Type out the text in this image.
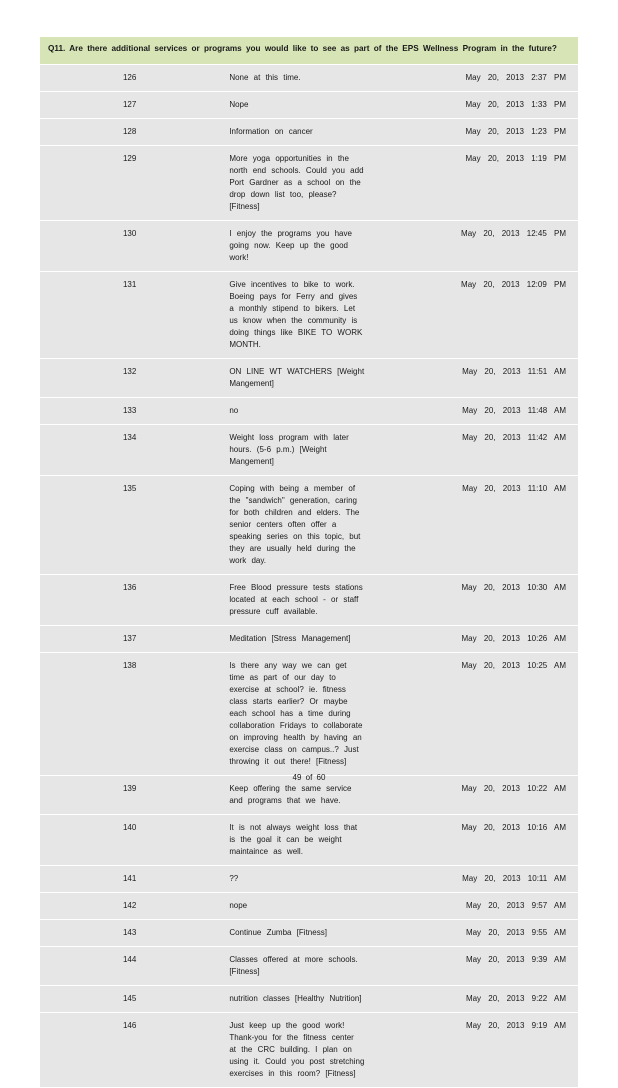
Q11. Are there additional services or programs you would like to see as part of the EPS Wellness Program in the future?		
126	None at this time.	May 20, 2013 2:37 PM
127	Nope	May 20, 2013 1:33 PM
128	Information on cancer	May 20, 2013 1:23 PM
129	More yoga opportunities in the north end schools. Could you add Port Gardner as a school on the drop down list too, please? [Fitness]	May 20, 2013 1:19 PM
130	I enjoy the programs you have going now. Keep up the good work!	May 20, 2013 12:45 PM
131	Give incentives to bike to work. Boeing pays for Ferry and gives a monthly stipend to bikers. Let us know when the community is doing things like BIKE TO WORK MONTH.	May 20, 2013 12:09 PM
132	ON LINE WT WATCHERS [Weight Mangement]	May 20, 2013 11:51 AM
133	no	May 20, 2013 11:48 AM
134	Weight loss program with later hours. (5-6 p.m.) [Weight Mangement]	May 20, 2013 11:42 AM
135	Coping with being a member of the "sandwich" generation, caring for both children and elders. The senior centers often offer a speaking series on this topic, but they are usually held during the work day.	May 20, 2013 11:10 AM
136	Free Blood pressure tests stations located at each school - or staff pressure cuff available.	May 20, 2013 10:30 AM
137	Meditation [Stress Management]	May 20, 2013 10:26 AM
138	Is there any way we can get time as part of our day to exercise at school? ie. fitness class starts earlier? Or maybe each school has a time during collaboration Fridays to collaborate on improving health by having an exercise class on campus..? Just throwing it out there! [Fitness]	May 20, 2013 10:25 AM
139	Keep offering the same service and programs that we have.	May 20, 2013 10:22 AM
140	It is not always weight loss that is the goal it can be weight maintaince as well.	May 20, 2013 10:16 AM
141	??	May 20, 2013 10:11 AM
142	nope	May 20, 2013 9:57 AM
143	Continue Zumba [Fitness]	May 20, 2013 9:55 AM
144	Classes offered at more schools. [Fitness]	May 20, 2013 9:39 AM
145	nutrition classes [Healthy Nutrition]	May 20, 2013 9:22 AM
146	Just keep up the good work! Thank-you for the fitness center at the CRC building. I plan on using it. Could you post stretching exercises in this room? [Fitness]	May 20, 2013 9:19 AM
49 of 60
